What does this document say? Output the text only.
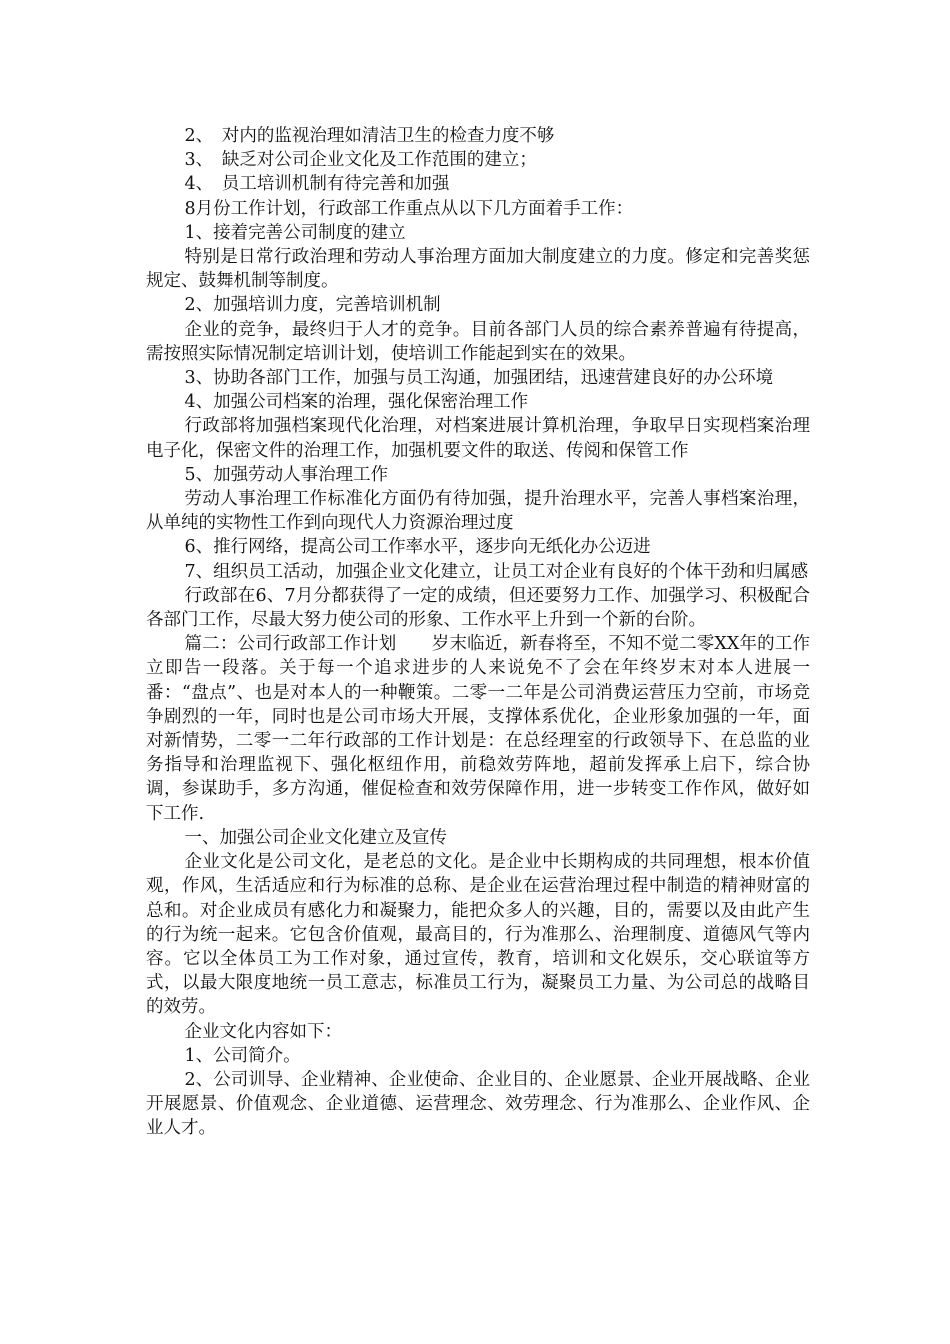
2、　对内的监视治理如清洁卫生的检查力度不够

3、　缺乏对公司企业文化及工作范围的建立；

4、　员工培训机制有待完善和加强

8月份工作计划，行政部工作重点从以下几方面着手工作：

1、接着完善公司制度的建立

特别是日常行政治理和劳动人事治理方面加大制度建立的力度。修定和完善奖惩规定、鼓舞机制等制度。

2、加强培训力度，完善培训机制

企业的竞争，最终归于人才的竞争。目前各部门人员的综合素养普遍有待提高，需按照实际情况制定培训计划，使培训工作能起到实在的效果。

3、协助各部门工作，加强与员工沟通，加强团结，迅速营建良好的办公环境

4、加强公司档案的治理，强化保密治理工作

行政部将加强档案现代化治理，对档案进展计算机治理，争取早日实现档案治理电子化，保密文件的治理工作，加强机要文件的取送、传阅和保管工作

5、加强劳动人事治理工作

劳动人事治理工作标准化方面仍有待加强，提升治理水平，完善人事档案治理，从单纯的实物性工作到向现代人力资源治理过度

6、推行网络，提高公司工作率水平，逐步向无纸化办公迈进

7、组织员工活动，加强企业文化建立，让员工对企业有良好的个体干劲和归属感

行政部在6、7月分都获得了一定的成绩，但还要努力工作、加强学习、积极配合各部门工作，尽最大努力使公司的形象、工作水平上升到一个新的台阶。

篇二：公司行政部工作计划　　岁末临近，新春将至，不知不觉二零XX年的工作立即告一段落。关于每一个追求进步的人来说免不了会在年终岁末对本人进展一番：“盘点”、也是对本人的一种鞭策。二零一二年是公司消费运营压力空前，市场竞争剧烈的一年，同时也是公司市场大开展，支撑体系优化，企业形象加强的一年，面对新情势，二零一二年行政部的工作计划是：在总经理室的行政领导下、在总监的业务指导和治理监视下、强化枢纽作用，前稳效劳阵地，超前发挥承上启下，综合协调，参谋助手，多方沟通，催促检查和效劳保障作用，进一步转变工作作风，做好如下工作.

一、加强公司企业文化建立及宣传

企业文化是公司文化，是老总的文化。是企业中长期构成的共同理想，根本价值观，作风，生活适应和行为标准的总称、是企业在运营治理过程中制造的精神财富的总和。对企业成员有感化力和凝聚力，能把众多人的兴趣，目的，需要以及由此产生的行为统一起来。它包含价值观，最高目的，行为准那么、治理制度、道德风气等内容。它以全体员工为工作对象，通过宣传，教育，培训和文化娱乐，交心联谊等方式，以最大限度地统一员工意志，标准员工行为，凝聚员工力量、为公司总的战略目的效劳。

企业文化内容如下：

1、公司简介。

2、公司训导、企业精神、企业使命、企业目的、企业愿景、企业开展战略、企业开展愿景、价值观念、企业道德、运营理念、效劳理念、行为准那么、企业作风、企业人才。
